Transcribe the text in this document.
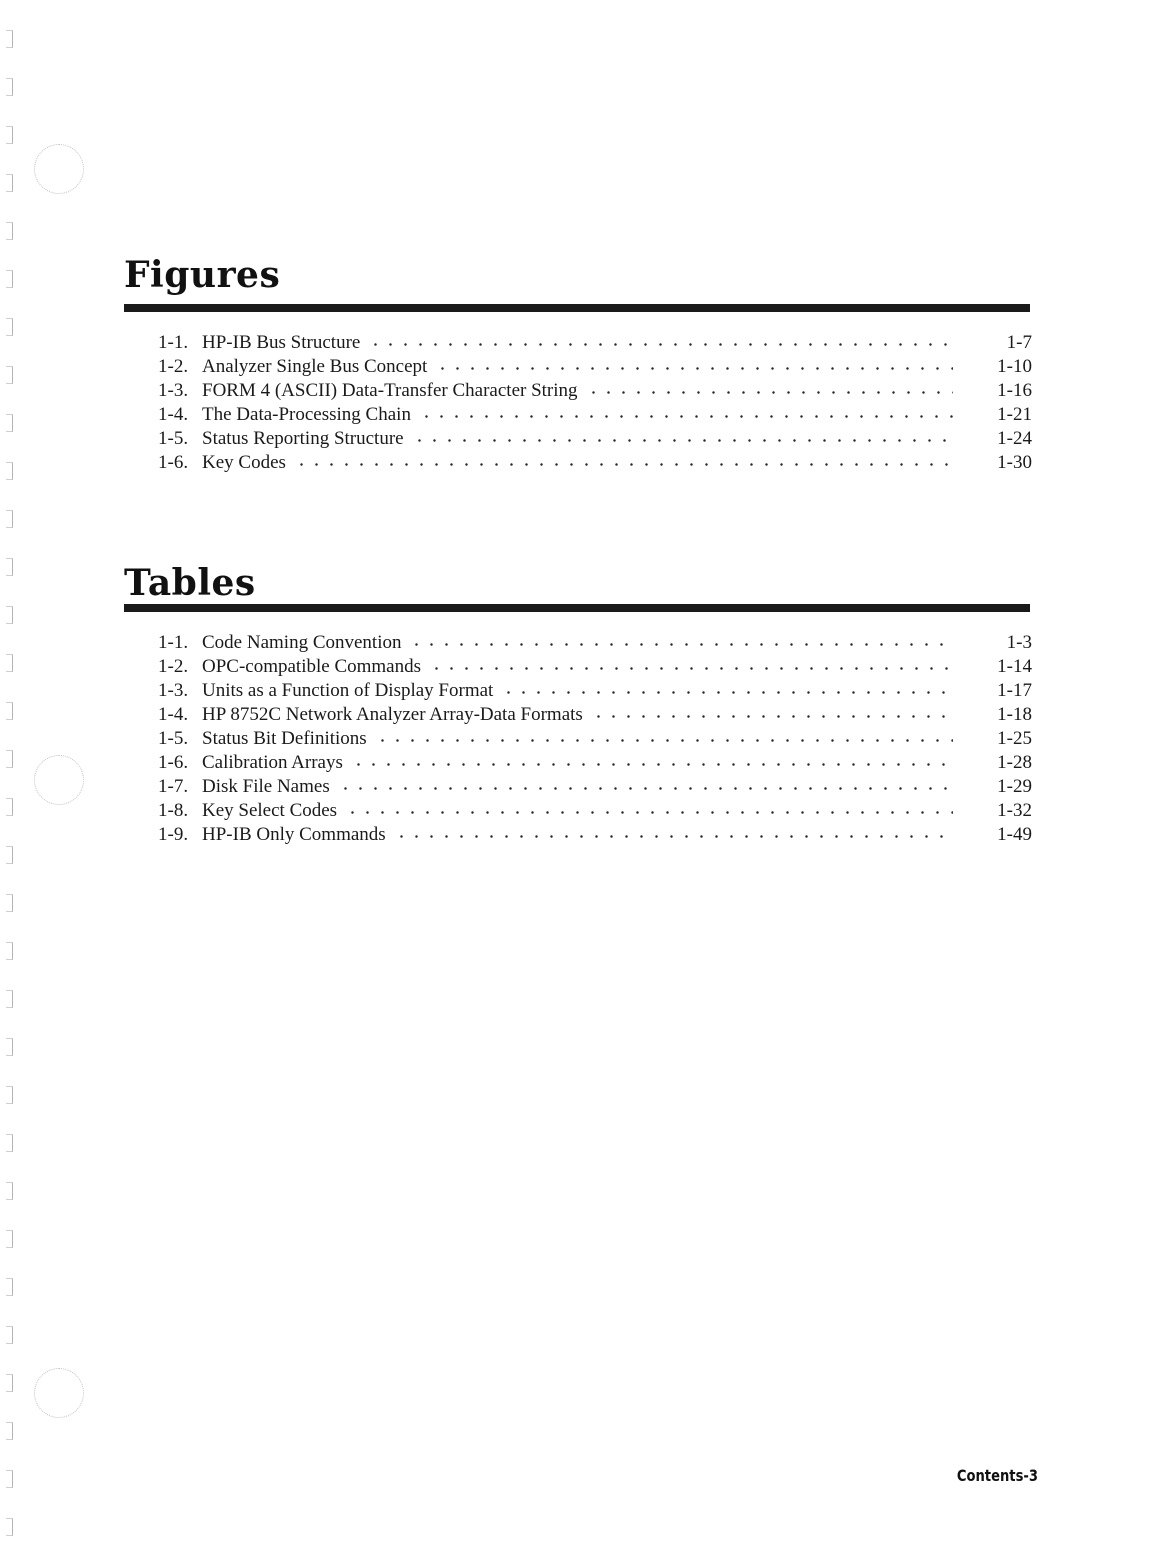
Figures
1-1. HP-IB Bus Structure	1-7
1-2. Analyzer Single Bus Concept	1-10
1-3. FORM 4 (ASCII) Data-Transfer Character String	1-16
1-4. The Data-Processing Chain	1-21
1-5. Status Reporting Structure	1-24
1-6. Key Codes	1-30
Tables
1-1. Code Naming Convention	1-3
1-2. OPC-compatible Commands	1-14
1-3. Units as a Function of Display Format	1-17
1-4. HP 8752C Network Analyzer Array-Data Formats	1-18
1-5. Status Bit Definitions	1-25
1-6. Calibration Arrays	1-28
1-7. Disk File Names	1-29
1-8. Key Select Codes	1-32
1-9. HP-IB Only Commands	1-49
Contents-3
